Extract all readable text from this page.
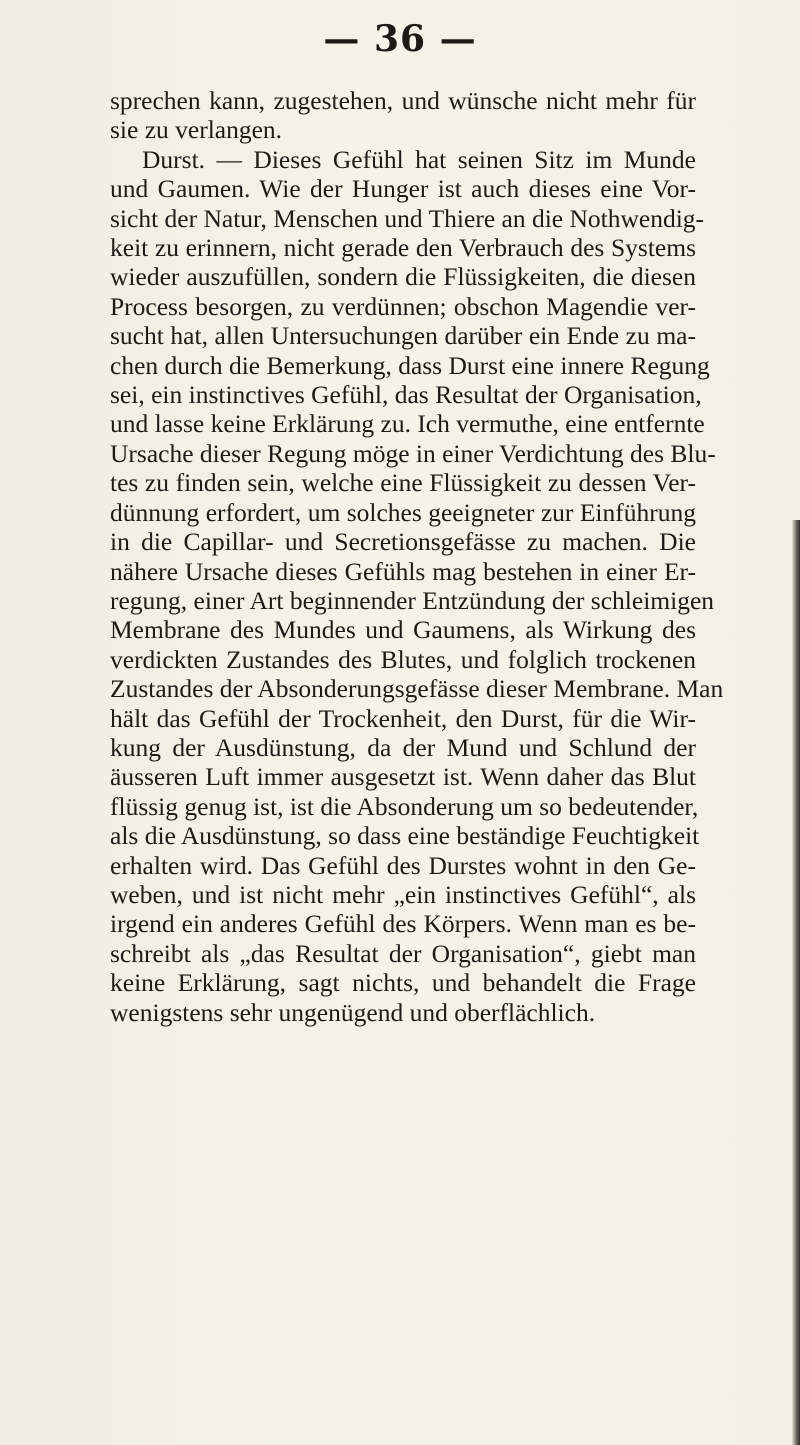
— 36 —

sprechen kann, zugestehen, und wünsche nicht mehr für

sie zu verlangen.

Durst. — Dieses Gefühl hat seinen Sitz im Munde

und Gaumen. Wie der Hunger ist auch dieses eine Vor-

sicht der Natur, Menschen und Thiere an die Nothwendig-

keit zu erinnern, nicht gerade den Verbrauch des Systems

wieder auszufüllen, sondern die Flüssigkeiten, die diesen

Process besorgen, zu verdünnen; obschon Magendie ver-

sucht hat, allen Untersuchungen darüber ein Ende zu ma-

chen durch die Bemerkung, dass Durst eine innere Regung

sei, ein instinctives Gefühl, das Resultat der Organisation,

und lasse keine Erklärung zu. Ich vermuthe, eine entfernte

Ursache dieser Regung möge in einer Verdichtung des Blu-

tes zu finden sein, welche eine Flüssigkeit zu dessen Ver-

dünnung erfordert, um solches geeigneter zur Einführung

in die Capillar- und Secretionsgefässe zu machen. Die

nähere Ursache dieses Gefühls mag bestehen in einer Er-

regung, einer Art beginnender Entzündung der schleimigen

Membrane des Mundes und Gaumens, als Wirkung des

verdickten Zustandes des Blutes, und folglich trockenen

Zustandes der Absonderungsgefässe dieser Membrane. Man

hält das Gefühl der Trockenheit, den Durst, für die Wir-

kung der Ausdünstung, da der Mund und Schlund der

äusseren Luft immer ausgesetzt ist. Wenn daher das Blut

flüssig genug ist, ist die Absonderung um so bedeutender,

als die Ausdünstung, so dass eine beständige Feuchtigkeit

erhalten wird. Das Gefühl des Durstes wohnt in den Ge-

weben, und ist nicht mehr „ein instinctives Gefühl“, als

irgend ein anderes Gefühl des Körpers. Wenn man es be-

schreibt als „das Resultat der Organisation“, giebt man

keine Erklärung, sagt nichts, und behandelt die Frage

wenigstens sehr ungenügend und oberflächlich.
